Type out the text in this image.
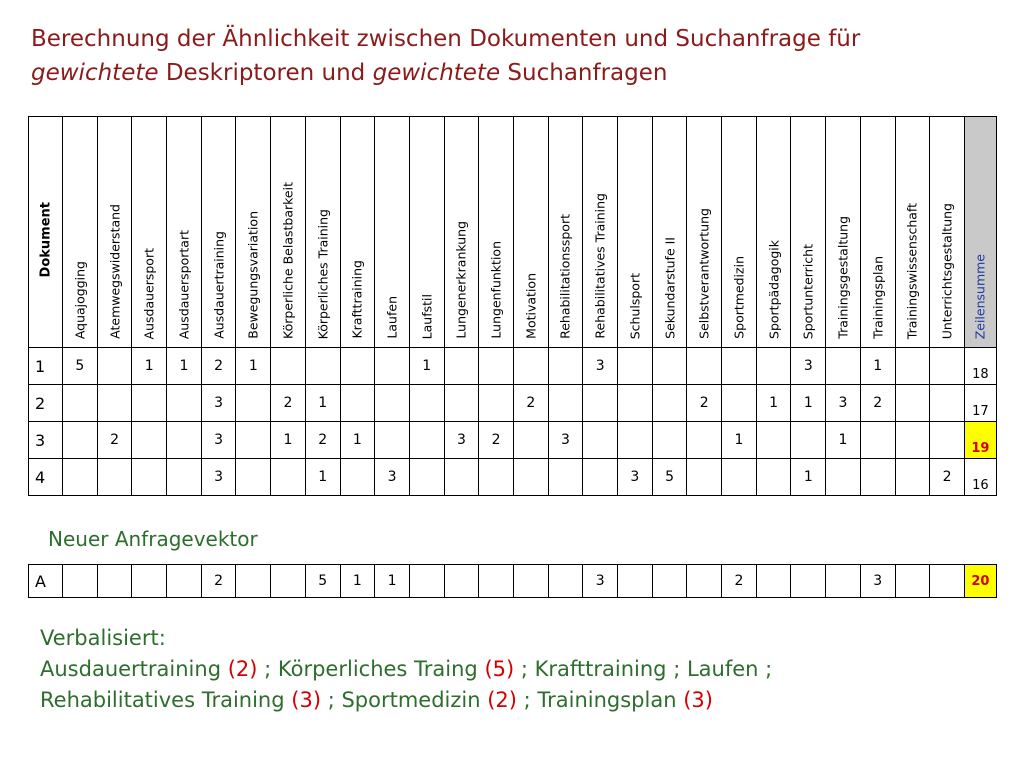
Berechnung der Ähnlichkeit zwischen Dokumenten und Suchanfrage für
gewichtete Deskriptoren und gewichtete Suchanfragen
Dokument	Aquajogging	Atemwegswiderstand	Ausdauersport	Ausdauersportart	Ausdauertraining	Bewegungsvariation	Körperliche Belastbarkeit	Körperliches Training	Krafttraining	Laufen	Laufstil	Lungenerkrankung	Lungenfunktion	Motivation	Rehabilitationssport	Rehabilitatives Training	Schulsport	Sekundarstufe II	Selbstverantwortung	Sportmedizin	Sportpädagogik	Sportunterricht	Trainingsgestaltung	Trainingsplan	Trainingswissenschaft	Unterrichtsgestaltung	Zeilensumme

1	5		1	1	2	1					1					3						3		1			18
2					3		2	1						2					2		1	1	3	2			17
3		2			3		1	2	1			3	2		3					1			1				19
4					3			1		3							3	5				1				2	16
Neuer Anfragevektor
A					2			5	1	1						3				2				3			20
Verbalisiert:
Ausdauertraining (2) ; Körperliches Traing (5) ; Krafttraining ; Laufen ;
Rehabilitatives Training (3) ; Sportmedizin (2) ; Trainingsplan (3)
